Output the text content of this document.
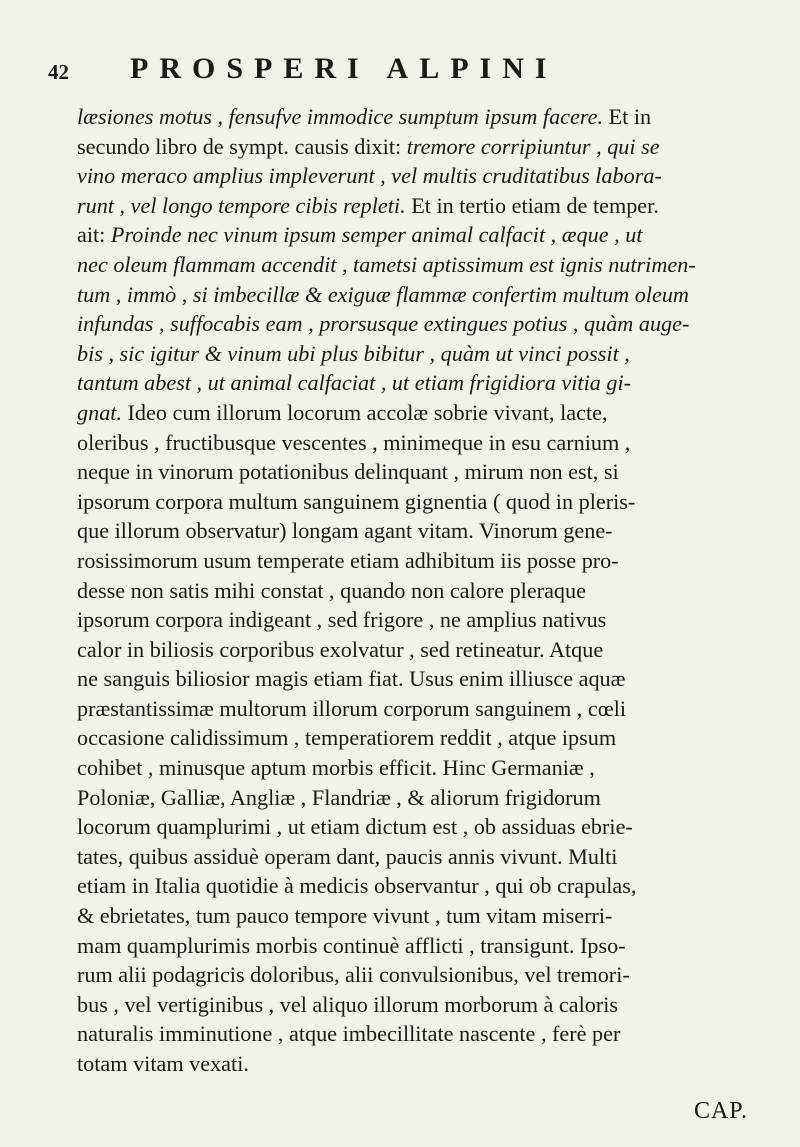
42 PROSPERI ALPINI
læsiones motus , fensufve immodice sumptum ipsum facere. Et in
secundo libro de sympt. causis dixit: tremore corripiuntur , qui se
vino meraco amplius impleverunt , vel multis cruditatibus labora-
runt , vel longo tempore cibis repleti. Et in tertio etiam de temper.
ait: Proinde nec vinum ipsum semper animal calfacit , æque , ut
nec oleum flammam accendit , tametsi aptissimum est ignis nutrimen-
tum , immò , si imbecillæ & exiguæ flammæ confertim multum oleum
infundas , suffocabis eam , prorsusque extingues potius , quàm auge-
bis , sic igitur & vinum ubi plus bibitur , quàm ut vinci possit ,
tantum abest , ut animal calfaciat , ut etiam frigidiora vitia gi-
gnat. Ideo cum illorum locorum accolæ sobrie vivant, lacte,
oleribus , fructibusque vescentes , minimeque in esu carnium ,
neque in vinorum potationibus delinquant , mirum non est, si
ipsorum corpora multum sanguinem gignentia ( quod in pleris-
que illorum observatur) longam agant vitam. Vinorum gene-
rosissimorum usum temperate etiam adhibitum iis posse pro-
desse non satis mihi constat , quando non calore pleraque
ipsorum corpora indigeant , sed frigore , ne amplius nativus
calor in biliosis corporibus exolvatur , sed retineatur. Atque
ne sanguis biliosior magis etiam fiat. Usus enim illiusce aquæ
præstantissimæ multorum illorum corporum sanguinem , cœli
occasione calidissimum , temperatiorem reddit , atque ipsum
cohibet , minusque aptum morbis efficit. Hinc Germaniæ ,
Poloniæ, Galliæ, Angliæ , Flandriæ , & aliorum frigidorum
locorum quamplurimi , ut etiam dictum est , ob assiduas ebrie-
tates, quibus assiduè operam dant, paucis annis vivunt. Multi
etiam in Italia quotidie à medicis observantur , qui ob crapulas,
& ebrietates, tum pauco tempore vivunt , tum vitam miserri-
mam quamplurimis morbis continuè afflicti , transigunt. Ipso-
rum alii podagricis doloribus, alii convulsionibus, vel tremori-
bus , vel vertiginibus , vel aliquo illorum morborum à caloris
naturalis imminutione , atque imbecillitate nascente , ferè per
totam vitam vexati.
CAP.
